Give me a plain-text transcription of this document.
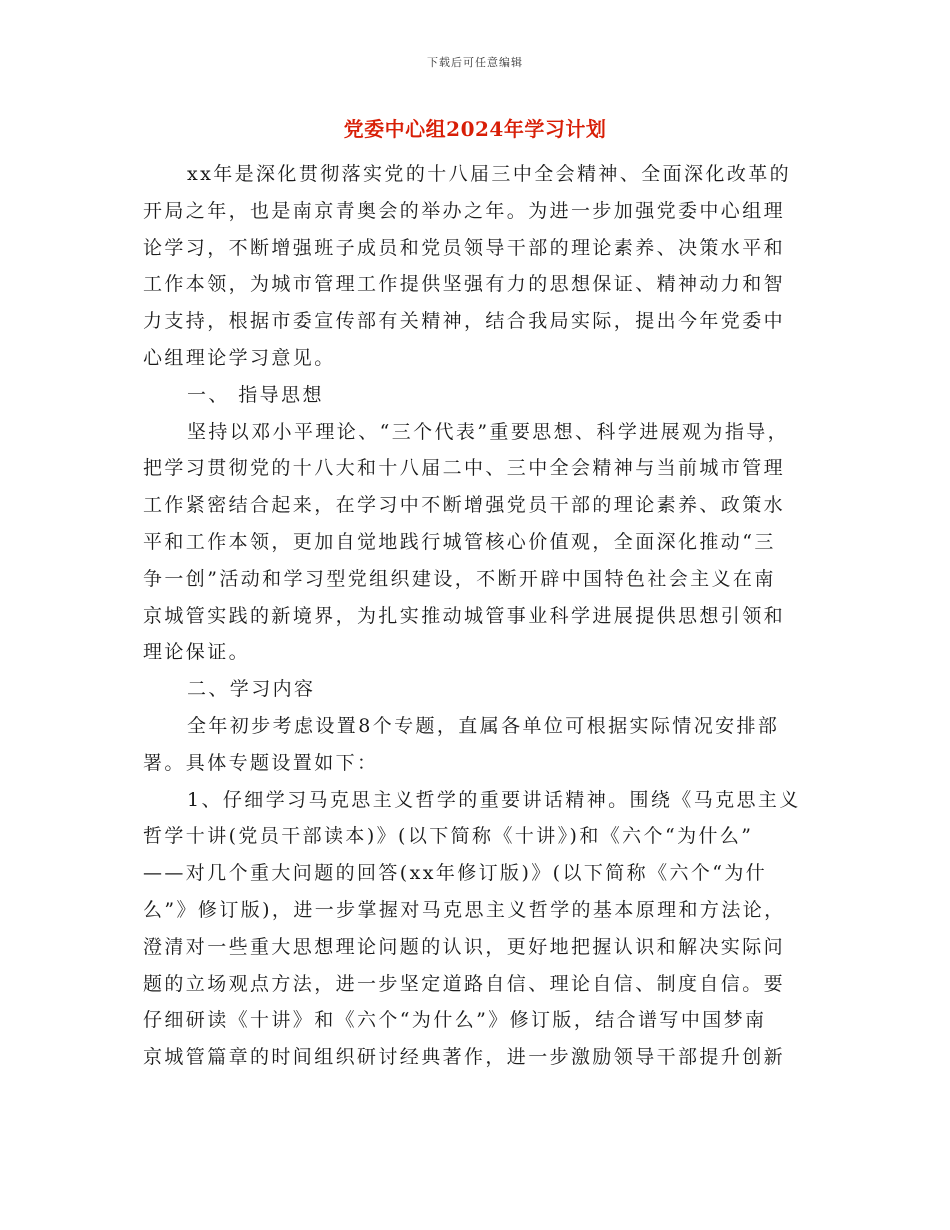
下载后可任意编辑
党委中心组2024年学习计划
xx年是深化贯彻落实党的十八届三中全会精神、全面深化改革的
开局之年，也是南京青奥会的举办之年。为进一步加强党委中心组理
论学习，不断增强班子成员和党员领导干部的理论素养、决策水平和
工作本领，为城市管理工作提供坚强有力的思想保证、精神动力和智
力支持，根据市委宣传部有关精神，结合我局实际，提出今年党委中
心组理论学习意见。
一、 指导思想
坚持以邓小平理论、“三个代表”重要思想、科学进展观为指导，
把学习贯彻党的十八大和十八届二中、三中全会精神与当前城市管理
工作紧密结合起来，在学习中不断增强党员干部的理论素养、政策水
平和工作本领，更加自觉地践行城管核心价值观，全面深化推动“三
争一创”活动和学习型党组织建设，不断开辟中国特色社会主义在南
京城管实践的新境界，为扎实推动城管事业科学进展提供思想引领和
理论保证。
二、学习内容
全年初步考虑设置8个专题，直属各单位可根据实际情况安排部
署。具体专题设置如下：
1、仔细学习马克思主义哲学的重要讲话精神。围绕《马克思主义
哲学十讲(党员干部读本)》(以下简称《十讲》)和《六个“为什么”
——对几个重大问题的回答(xx年修订版)》(以下简称《六个“为什
么”》修订版)，进一步掌握对马克思主义哲学的基本原理和方法论，
澄清对一些重大思想理论问题的认识，更好地把握认识和解决实际问
题的立场观点方法，进一步坚定道路自信、理论自信、制度自信。要
仔细研读《十讲》和《六个“为什么”》修订版，结合谱写中国梦南
京城管篇章的时间组织研讨经典著作，进一步激励领导干部提升创新
